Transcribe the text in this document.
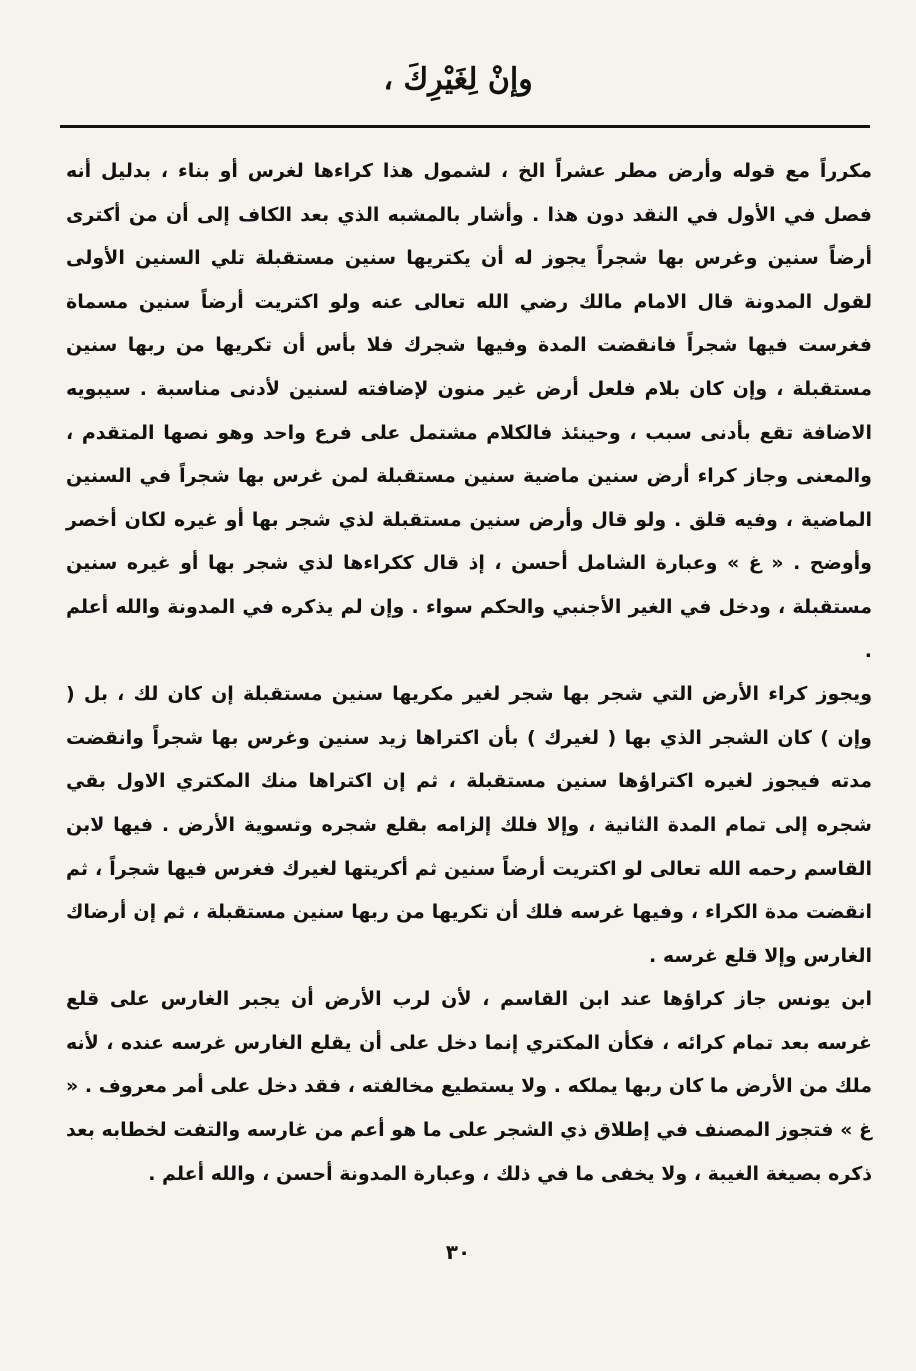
وإنْ لِغَيْرِكَ ،

مكرراً مع قوله وأرض مطر عشراً الخ ، لشمول هذا كراءها لغرس أو بناء ، بدليل أنه فصل في الأول في النقد دون هذا . وأشار بالمشبه الذي بعد الكاف إلى أن من أكترى أرضاً سنين وغرس بها شجراً يجوز له أن يكتريها سنين مستقبلة تلي السنين الأولى لقول المدونة قال الامام مالك رضي الله تعالى عنه ولو اكتريت أرضاً سنين مسماة فغرست فيها شجراً فانقضت المدة وفيها شجرك فلا بأس أن تكريها من ربها سنين مستقبلة ، وإن كان بلام فلعل أرض غير منون لإضافته لسنين لأدنى مناسبة . سيبويه الاضافة تقع بأدنى سبب ، وحينئذ فالكلام مشتمل على فرع واحد وهو نصها المتقدم ، والمعنى وجاز كراء أرض سنين ماضية سنين مستقبلة لمن غرس بها شجراً في السنين الماضية ، وفيه قلق . ولو قال وأرض سنين مستقبلة لذي شجر بها أو غيره لكان أخصر وأوضح . « غ » وعبارة الشامل أحسن ، إذ قال ككراءها لذي شجر بها أو غيره سنين مستقبلة ، ودخل في الغير الأجنبي والحكم سواء . وإن لم يذكره في المدونة والله أعلم .

ويجوز كراء الأرض التي شجر بها شجر لغير مكريها سنين مستقبلة إن كان لك ، بل ( وإن ) كان الشجر الذي بها ( لغيرك ) بأن اكتراها زيد سنين وغرس بها شجراً وانقضت مدته فيجوز لغيره اكتراؤها سنين مستقبلة ، ثم إن اكتراها منك المكتري الاول بقي شجره إلى تمام المدة الثانية ، وإلا فلك إلزامه بقلع شجره وتسوية الأرض . فيها لابن القاسم رحمه الله تعالى لو اكتريت أرضاً سنين ثم أكريتها لغيرك فغرس فيها شجراً ، ثم انقضت مدة الكراء ، وفيها غرسه فلك أن تكريها من ربها سنين مستقبلة ، ثم إن أرضاك الغارس وإلا قلع غرسه .

ابن يونس جاز كراؤها عند ابن القاسم ، لأن لرب الأرض أن يجبر الغارس على قلع غرسه بعد تمام كرائه ، فكأن المكتري إنما دخل على أن يقلع الغارس غرسه عنده ، لأنه ملك من الأرض ما كان ربها يملكه . ولا يستطيع مخالفته ، فقد دخل على أمر معروف . « غ » فتجوز المصنف في إطلاق ذي الشجر على ما هو أعم من غارسه والتفت لخطابه بعد ذكره بصيغة الغيبة ، ولا يخفى ما في ذلك ، وعبارة المدونة أحسن ، والله أعلم .

٣٠
